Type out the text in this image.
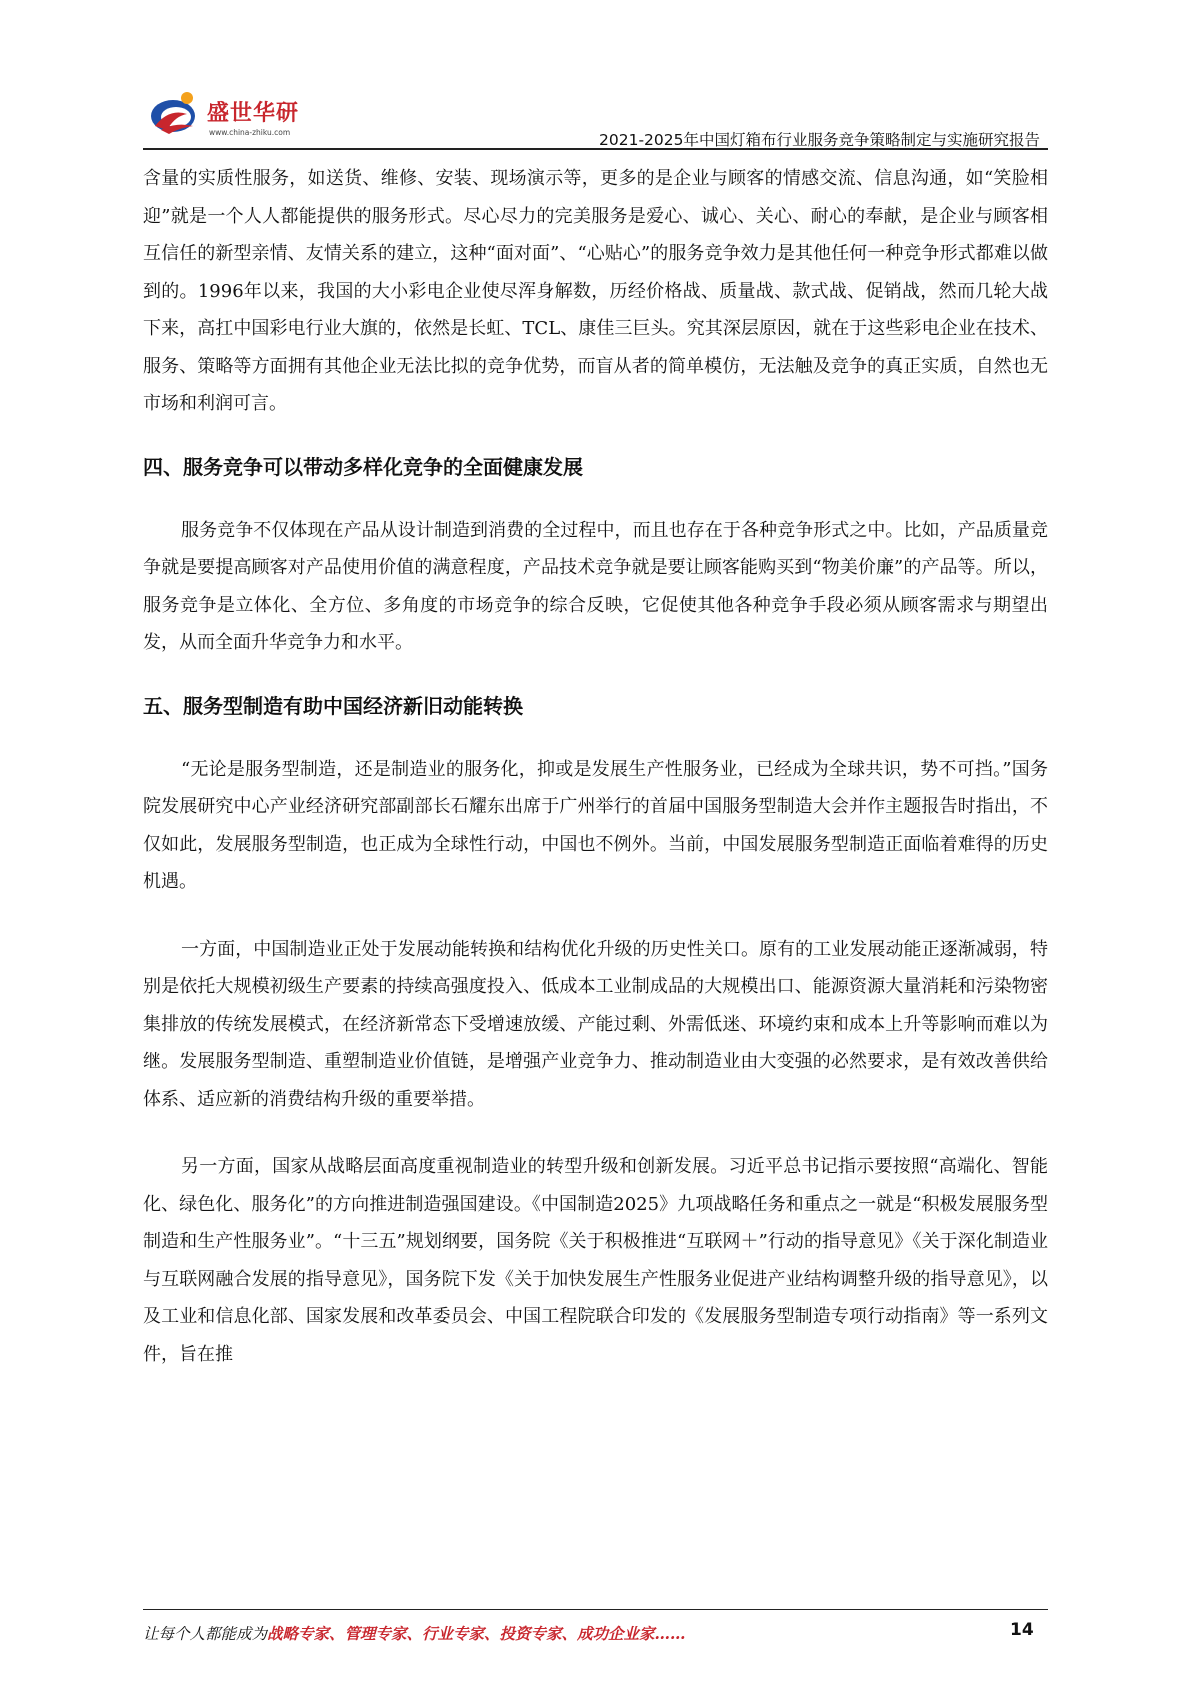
盛世华研
www.china-zhiku.com	2021-2025年中国灯箱布行业服务竞争策略制定与实施研究报告

含量的实质性服务，如送货、维修、安装、现场演示等，更多的是企业与顾客的情感交流、信息沟通，如“笑脸相迎”就是一个人人都能提供的服务形式。尽心尽力的完美服务是爱心、诚心、关心、耐心的奉献，是企业与顾客相互信任的新型亲情、友情关系的建立，这种“面对面”、“心贴心”的服务竞争效力是其他任何一种竞争形式都难以做到的。1996年以来，我国的大小彩电企业使尽浑身解数，历经价格战、质量战、款式战、促销战，然而几轮大战下来，高扛中国彩电行业大旗的，依然是长虹、TCL、康佳三巨头。究其深层原因，就在于这些彩电企业在技术、服务、策略等方面拥有其他企业无法比拟的竞争优势，而盲从者的简单模仿，无法触及竞争的真正实质，自然也无市场和利润可言。

四、服务竞争可以带动多样化竞争的全面健康发展

服务竞争不仅体现在产品从设计制造到消费的全过程中，而且也存在于各种竞争形式之中。比如，产品质量竞争就是要提高顾客对产品使用价值的满意程度，产品技术竞争就是要让顾客能购买到“物美价廉”的产品等。所以，服务竞争是立体化、全方位、多角度的市场竞争的综合反映，它促使其他各种竞争手段必须从顾客需求与期望出发，从而全面升华竞争力和水平。

五、服务型制造有助中国经济新旧动能转换

“无论是服务型制造，还是制造业的服务化，抑或是发展生产性服务业，已经成为全球共识，势不可挡。”国务院发展研究中心产业经济研究部副部长石耀东出席于广州举行的首届中国服务型制造大会并作主题报告时指出，不仅如此，发展服务型制造，也正成为全球性行动，中国也不例外。当前，中国发展服务型制造正面临着难得的历史机遇。

一方面，中国制造业正处于发展动能转换和结构优化升级的历史性关口。原有的工业发展动能正逐渐减弱，特别是依托大规模初级生产要素的持续高强度投入、低成本工业制成品的大规模出口、能源资源大量消耗和污染物密集排放的传统发展模式，在经济新常态下受增速放缓、产能过剩、外需低迷、环境约束和成本上升等影响而难以为继。发展服务型制造、重塑制造业价值链，是增强产业竞争力、推动制造业由大变强的必然要求，是有效改善供给体系、适应新的消费结构升级的重要举措。

另一方面，国家从战略层面高度重视制造业的转型升级和创新发展。习近平总书记指示要按照“高端化、智能化、绿色化、服务化”的方向推进制造强国建设。《中国制造2025》九项战略任务和重点之一就是“积极发展服务型制造和生产性服务业”。“十三五”规划纲要，国务院《关于积极推进“互联网＋”行动的指导意见》《关于深化制造业与互联网融合发展的指导意见》，国务院下发《关于加快发展生产性服务业促进产业结构调整升级的指导意见》，以及工业和信息化部、国家发展和改革委员会、中国工程院联合印发的《发展服务型制造专项行动指南》等一系列文件，旨在推

让每个人都能成为战略专家、管理专家、行业专家、投资专家、成功企业家……	14
